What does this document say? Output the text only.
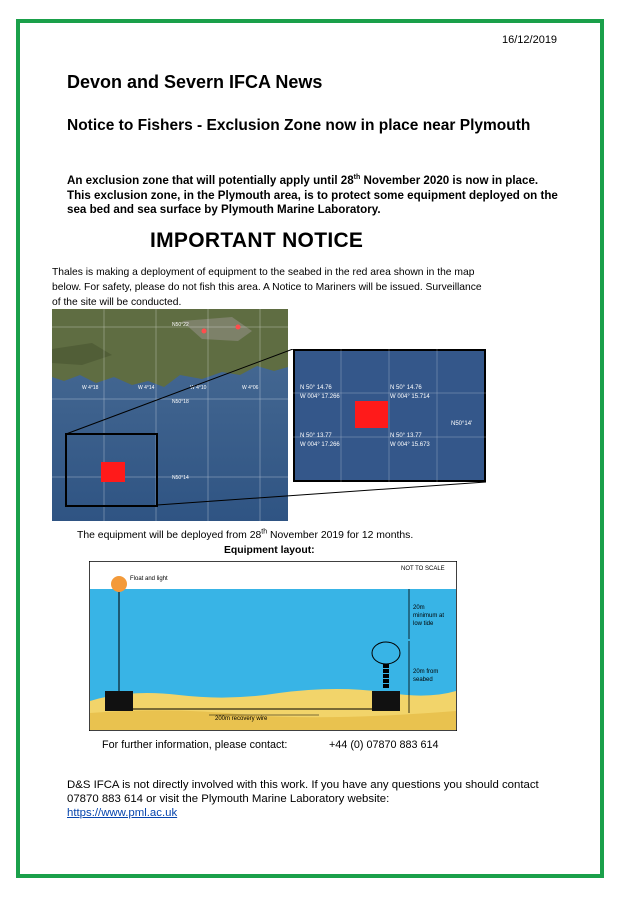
16/12/2019
Devon and Severn IFCA News
Notice to Fishers - Exclusion Zone now in place near Plymouth
An exclusion zone that will potentially apply until 28th November 2020 is now in place. This exclusion zone, in the Plymouth area, is to protect some equipment deployed on the sea bed and sea surface by Plymouth Marine Laboratory.
IMPORTANT NOTICE
Thales is making a deployment of equipment to the seabed in the red area shown in the map below. For safety, please do not fish this area. A Notice to Mariners will be issued. Surveillance of the site will be conducted.
N50°22
N50°18
N50°14
W 4°18	W 4°14	W 4°10	W 4°06	N 50° 14.76
W 004° 17.266
N 50° 14.76
W 004° 15.714
N 50° 13.77
W 004° 17.266
N 50° 13.77
W 004° 15.673
N50°14'
The equipment will be deployed from 28th November 2019 for 12 months.
Equipment layout:
NOT TO SCALE
Float and light
200m recovery wire
20m
minimum at
low tide
20m from
seabed
For further information, please contact:	+44 (0) 07870 883 614
D&S IFCA is not directly involved with this work. If you have any questions you should contact 07870 883 614 or visit the Plymouth Marine Laboratory website:
https://www.pml.ac.uk
